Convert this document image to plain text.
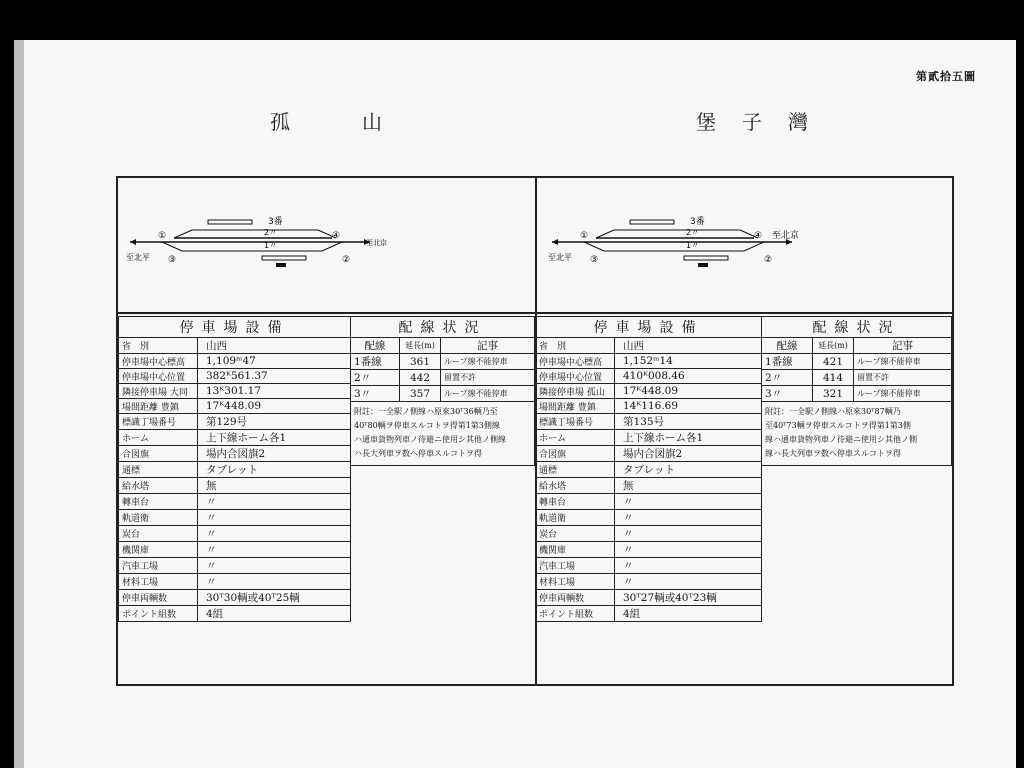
第貳拾五圖
孤　山	堡子灣
3番
2〃
1〃
①
③
④
②
至北平
至北京
3番
2〃
1〃
①
③
④
②
至北平
至北京
停車場設備	
省　別	山西
停車場中心標高	1,109ᵐ47
停車場中心位置	382ᴷ561.37
隣接停車場 大同	13ᴷ301.17
場間距離 豊鎮	17ᴷ448.09
標識丁場番号	第129号
ホーム	上下線ホーム各1
合図旗	場内合図旗2
通標	タブレット
給水塔	無
轉車台	〃
軌道衛	〃
炭台	〃
機関庫	〃
汽車工場	〃
材料工場	〃
停車両輌数	30ᵀ30輌或40ᵀ25輌
ポイント組数	4組
配線状況		
配線	延長(m)	記事
1番線	361	ループ線不能停車
2〃	442	留置不許
3〃	357	ループ線不能停車

附註：一全駅ノ側線ハ原來30ᵀ36輌乃至
40ᵀ80輌ヲ停車スルコトヲ得第1第3側線
ハ通車貨物列車ノ待避ニ使用シ其他ノ側線
ハ長大列車ヲ数ヘ停車スルコトヲ得		
停車場設備	
省　別	山西
停車場中心標高	1,152ᵐ14
停車場中心位置	410ᴷ008.46
隣接停車場 孤山	17ᴷ448.09
場間距離 豊鎮	14ᴷ116.69
標識丁場番号	第135号
ホーム	上下線ホーム各1
合図旗	場内合図旗2
通標	タブレット
給水塔	無
轉車台	〃
軌道衛	〃
炭台	〃
機関庫	〃
汽車工場	〃
材料工場	〃
停車両輌数	30ᵀ27輌或40ᵀ23輌
ポイント組数	4組
配線状況		
配線	延長(m)	記事
1番線	421	ループ線不能停車
2〃	414	留置不許
3〃	321	ループ線不能停車

附註：一全駅ノ側線ハ原來30ᵀ87輌乃
至40ᵀ73輌ヲ停車スルコトヲ得第1第3側
線ハ通車貨物列車ノ待避ニ使用シ其他ノ側
線ハ長大列車ヲ数ヘ停車スルコトヲ得		
